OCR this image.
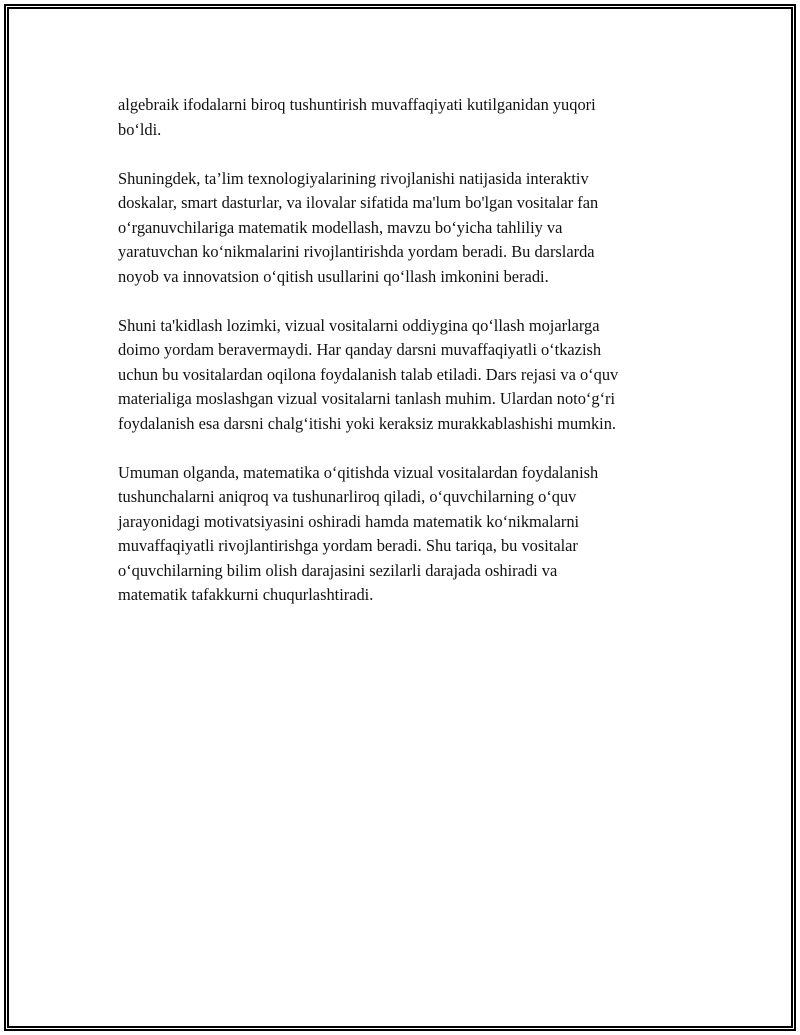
algebraik ifodalarni biroq tushuntirish muvaffaqiyati kutilganidan yuqori
bo‘ldi.

Shuningdek, ta’lim texnologiyalarining rivojlanishi natijasida interaktiv
doskalar, smart dasturlar, va ilovalar sifatida ma'lum bo'lgan vositalar fan
o‘rganuvchilariga matematik modellash, mavzu bo‘yicha tahliliy va
yaratuvchan ko‘nikmalarini rivojlantirishda yordam beradi. Bu darslarda
noyob va innovatsion o‘qitish usullarini qo‘llash imkonini beradi.

Shuni ta'kidlash lozimki, vizual vositalarni oddiygina qo‘llash mojarlarga
doimo yordam beravermaydi. Har qanday darsni muvaffaqiyatli o‘tkazish
uchun bu vositalardan oqilona foydalanish talab etiladi. Dars rejasi va o‘quv
materialiga moslashgan vizual vositalarni tanlash muhim. Ulardan noto‘g‘ri
foydalanish esa darsni chalg‘itishi yoki keraksiz murakkablashishi mumkin.

Umuman olganda, matematika o‘qitishda vizual vositalardan foydalanish
tushunchalarni aniqroq va tushunarliroq qiladi, o‘quvchilarning o‘quv
jarayonidagi motivatsiyasini oshiradi hamda matematik ko‘nikmalarni
muvaffaqiyatli rivojlantirishga yordam beradi. Shu tariqa, bu vositalar
o‘quvchilarning bilim olish darajasini sezilarli darajada oshiradi va
matematik tafakkurni chuqurlashtiradi.
